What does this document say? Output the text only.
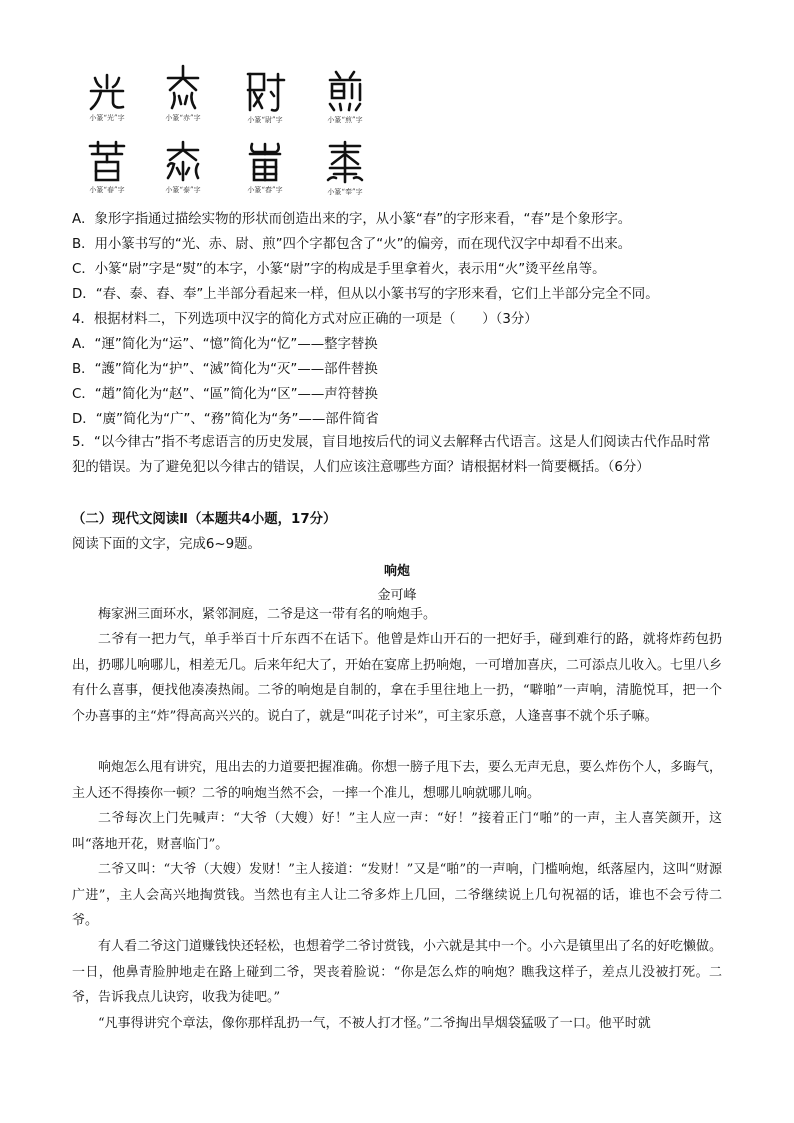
小篆“光”字	小篆“赤”字	小篆“尉”字	小篆“煎”字
小篆“春”字	小篆“泰”字	小篆“舂”字	小篆“奉”字
A．象形字指通过描绘实物的形状而创造出来的字，从小篆“春”的字形来看，“春”是个象形字。
B．用小篆书写的“光、赤、尉、煎”四个字都包含了“火”的偏旁，而在现代汉字中却看不出来。
C．小篆“尉”字是“熨”的本字，小篆“尉”字的构成是手里拿着火，表示用“火”烫平丝帛等。
D．“春、泰、舂、奉”上半部分看起来一样，但从以小篆书写的字形来看，它们上半部分完全不同。
4．根据材料二，下列选项中汉字的简化方式对应正确的一项是（　　）（3分）
A．“運”简化为“运”、“憶”简化为“忆”——整字替换
B．“護”简化为“护”、“滅”简化为“灭”——部件替换
C．“趙”简化为“赵”、“區”简化为“区”——声符替换
D．“廣”简化为“广”、“務”简化为“务”——部件简省
5．“以今律古”指不考虑语言的历史发展，盲目地按后代的词义去解释古代语言。这是人们阅读古代作品时常犯的错误。为了避免犯以今律古的错误，人们应该注意哪些方面？请根据材料一简要概括。（6分）
（二）现代文阅读Ⅱ（本题共4小题，17分）
阅读下面的文字，完成6~9题。
响炮
金可峰
梅家洲三面环水，紧邻洞庭，二爷是这一带有名的响炮手。
二爷有一把力气，单手举百十斤东西不在话下。他曾是炸山开石的一把好手，碰到难行的路，就将炸药包扔出，扔哪儿响哪儿，相差无几。后来年纪大了，开始在宴席上扔响炮，一可增加喜庆，二可添点儿收入。七里八乡有什么喜事，便找他凑凑热闹。二爷的响炮是自制的，拿在手里往地上一扔，“噼啪”一声响，清脆悦耳，把一个个办喜事的主“炸”得高高兴兴的。说白了，就是“叫花子讨米”，可主家乐意，人逢喜事不就个乐子嘛。
响炮怎么甩有讲究，甩出去的力道要把握准确。你想一膀子甩下去，要么无声无息，要么炸伤个人，多晦气，主人还不得揍你一顿？二爷的响炮当然不会，一摔一个准儿，想哪儿响就哪儿响。
二爷每次上门先喊声：“大爷（大嫂）好！”主人应一声：“好！”接着正门“啪”的一声，主人喜笑颜开，这叫“落地开花，财喜临门”。
二爷又叫：“大爷（大嫂）发财！”主人接道：“发财！”又是“啪”的一声响，门槛响炮，纸落屋内，这叫“财源广进”，主人会高兴地掏赏钱。当然也有主人让二爷多炸上几回，二爷继续说上几句祝福的话，谁也不会亏待二爷。
有人看二爷这门道赚钱快还轻松，也想着学二爷讨赏钱，小六就是其中一个。小六是镇里出了名的好吃懒做。一日，他鼻青脸肿地走在路上碰到二爷，哭丧着脸说：“你是怎么炸的响炮？瞧我这样子，差点儿没被打死。二爷，告诉我点儿诀窍，收我为徒吧。”
“凡事得讲究个章法，像你那样乱扔一气，不被人打才怪。”二爷掏出旱烟袋猛吸了一口。他平时就
